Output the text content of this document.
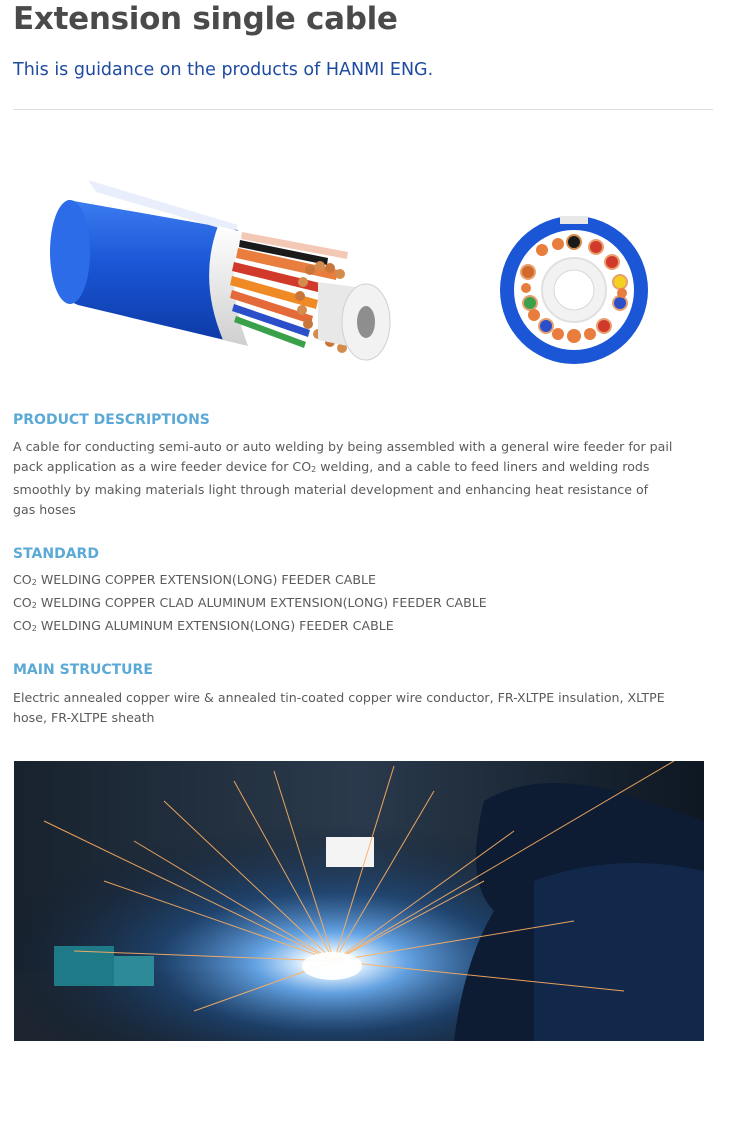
Extension single cable

This is guidance on the products of HANMI ENG.

PRODUCT DESCRIPTIONS

A cable for conducting semi-auto or auto welding by being assembled with a general wire feeder for pail pack application as a wire feeder device for CO2 welding, and a cable to feed liners and welding rods smoothly by making materials light through material development and enhancing heat resistance of gas hoses

STANDARD

CO2 WELDING COPPER EXTENSION(LONG) FEEDER CABLE

CO2 WELDING COPPER CLAD ALUMINUM EXTENSION(LONG) FEEDER CABLE

CO2 WELDING ALUMINUM EXTENSION(LONG) FEEDER CABLE

MAIN STRUCTURE

Electric annealed copper wire & annealed tin-coated copper wire conductor, FR-XLTPE insulation, XLTPE hose, FR-XLTPE sheath
